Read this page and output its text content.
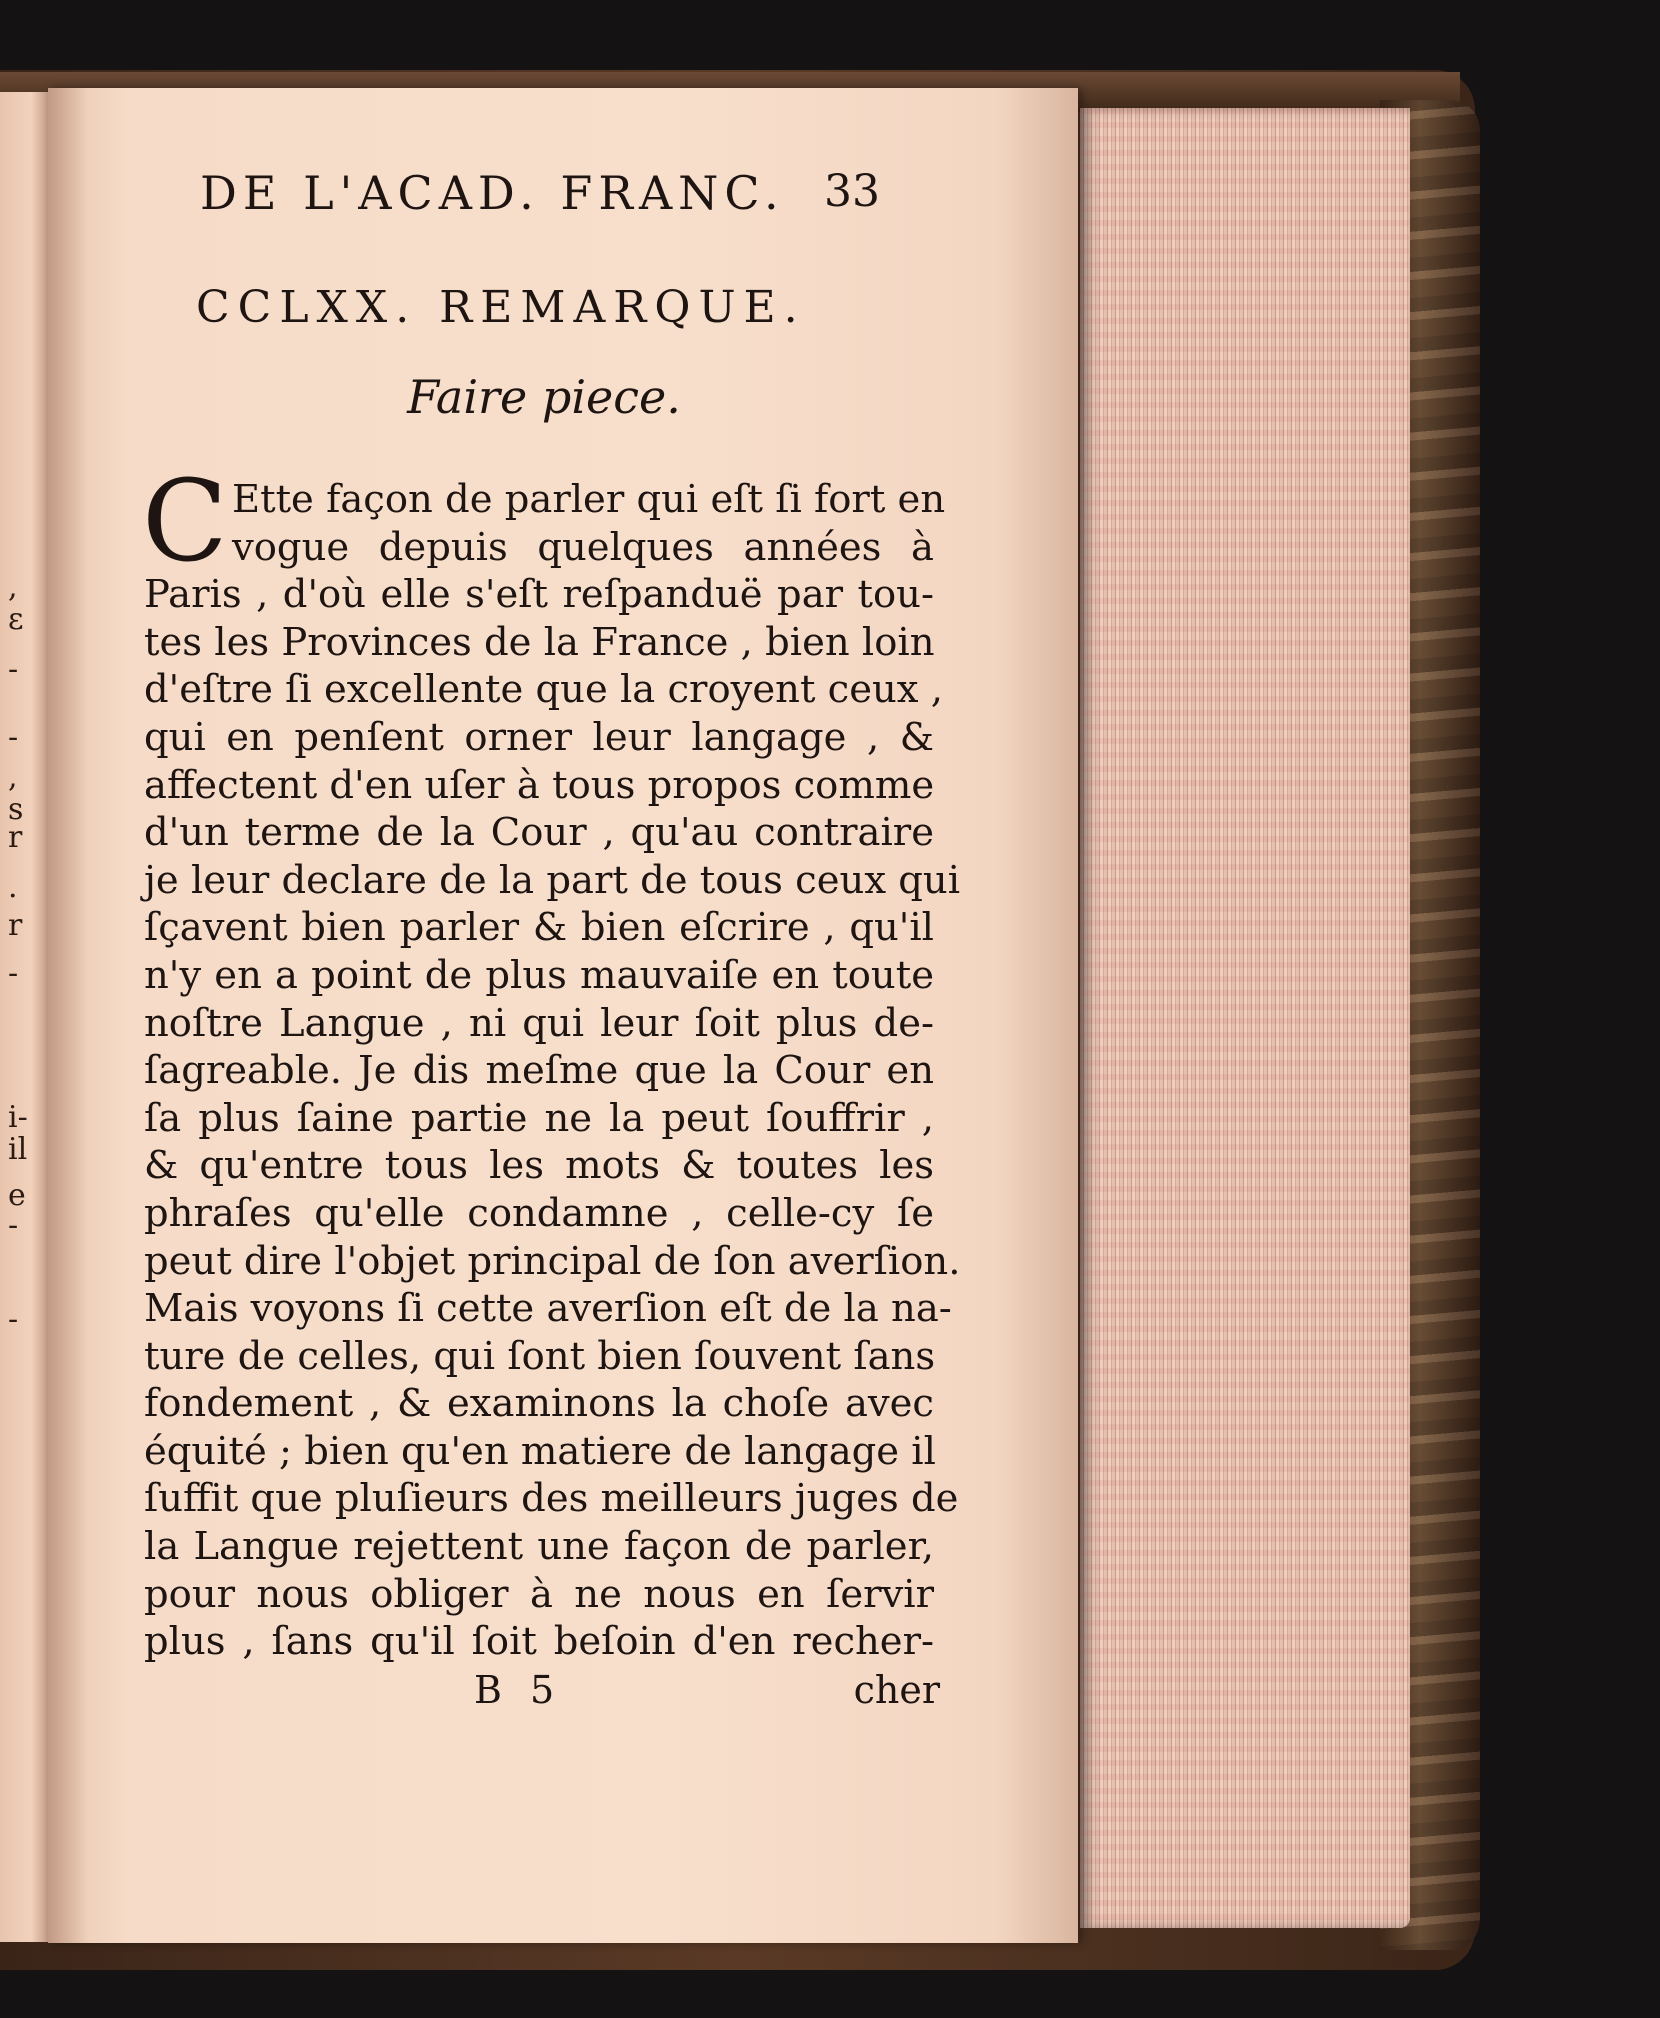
,
ɛ
-
-
,
s
r
.
r
-
i-
il
e
-
-
DE L'ACAD. FRANC. 33
CCLXX. REMARQUE.
Faire piece.
C Ette façon de parler qui eſt ſi fort en
vogue depuis quelques années à
Paris , d'où elle s'eſt reſpanduë par tou-
tes les Provinces de la France , bien loin
d'eſtre ſi excellente que la croyent ceux ,
qui en penſent orner leur langage , &
affectent d'en uſer à tous propos comme
d'un terme de la Cour , qu'au contraire
je leur declare de la part de tous ceux qui
ſçavent bien parler & bien eſcrire , qu'il
n'y en a point de plus mauvaiſe en toute
noſtre Langue , ni qui leur ſoit plus de-
ſagreable. Je dis meſme que la Cour en
ſa plus ſaine partie ne la peut ſouffrir ,
& qu'entre tous les mots & toutes les
phraſes qu'elle condamne , celle-cy ſe
peut dire l'objet principal de ſon averſion.
Mais voyons ſi cette averſion eſt de la na-
ture de celles, qui ſont bien ſouvent ſans
fondement , & examinons la choſe avec
équité ; bien qu'en matiere de langage il
ſuffit que pluſieurs des meilleurs juges de
la Langue rejettent une façon de parler,
pour nous obliger à ne nous en ſervir
plus , ſans qu'il ſoit beſoin d'en recher-
B 5	cher
